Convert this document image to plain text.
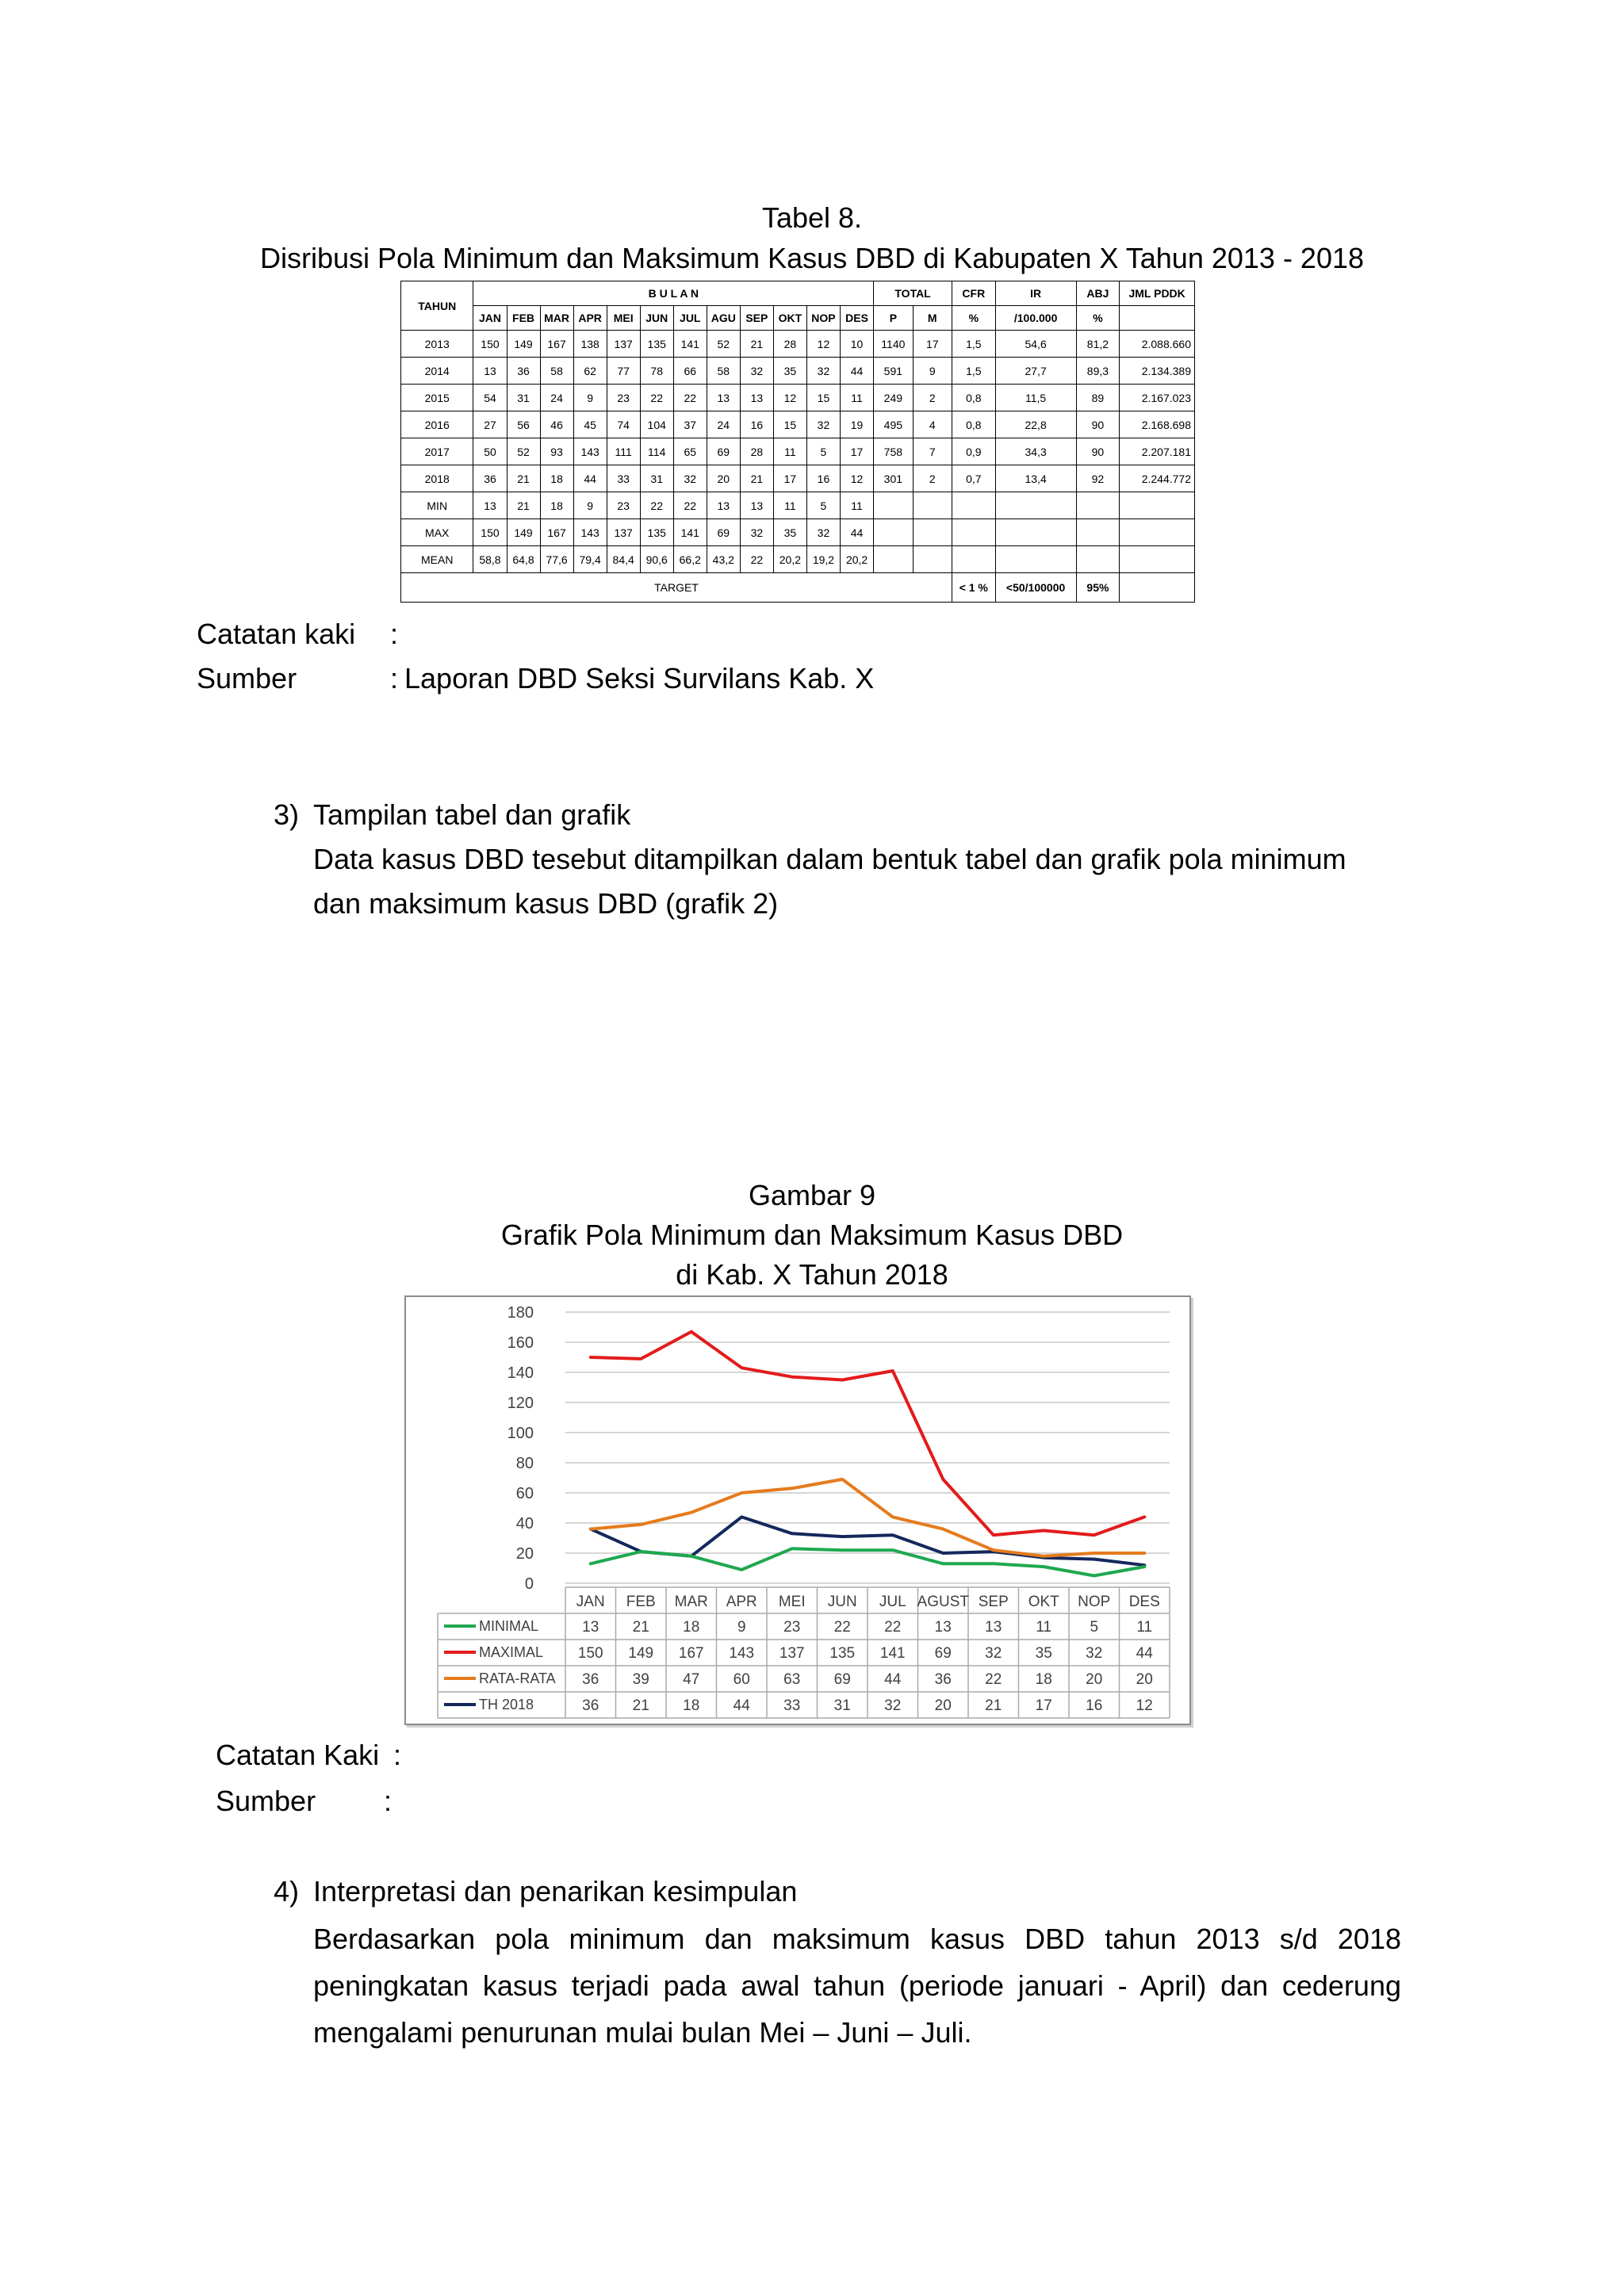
Tabel 8.
Disribusi Pola Minimum dan Maksimum Kasus DBD di Kabupaten X Tahun 2013 - 2018
TAHUN	B U L A N												TOTAL		CFR	IR	ABJ	JML PDDK
	JAN	FEB	MAR	APR	MEI	JUN	JUL	AGU	SEP	OKT	NOP	DES	P	M	%	/100.000	%	
2013	150	149	167	138	137	135	141	52	21	28	12	10	1140	17	1,5	54,6	81,2	2.088.660
2014	13	36	58	62	77	78	66	58	32	35	32	44	591	9	1,5	27,7	89,3	2.134.389
2015	54	31	24	9	23	22	22	13	13	12	15	11	249	2	0,8	11,5	89	2.167.023
2016	27	56	46	45	74	104	37	24	16	15	32	19	495	4	0,8	22,8	90	2.168.698
2017	50	52	93	143	111	114	65	69	28	11	5	17	758	7	0,9	34,3	90	2.207.181
2018	36	21	18	44	33	31	32	20	21	17	16	12	301	2	0,7	13,4	92	2.244.772
MIN	13	21	18	9	23	22	22	13	13	11	5	11						
MAX	150	149	167	143	137	135	141	69	32	35	32	44						
MEAN	58,8	64,8	77,6	79,4	84,4	90,6	66,2	43,2	22	20,2	19,2	20,2						
TARGET															< 1 %	<50/100000	95%	
Catatan kaki :
Sumber	: Laporan DBD Seksi Survilans Kab. X
3) Tampilan tabel dan grafik
Data kasus DBD tesebut ditampilkan dalam bentuk tabel dan grafik pola minimum dan maksimum kasus DBD (grafik 2)
Gambar 9
Grafik Pola Minimum dan Maksimum Kasus DBD
di Kab. X Tahun 2018
0
20
40
60
80
100
120
140
160
180
JAN FEB MAR APR MEI JUN JUL AGUST SEP OKT NOP DES
MINIMAL	13 21 18	9	23 22 22 13 13 11	5	11
MAXIMAL 150 149 167 143 137 135 141 69 32 35 32 44
RATA-RATA 36 39 47 60 63 69 44 36 22 18 20 20
TH 2018	36 21 18 44 33 31 32 20 21 17 16 12
Catatan Kaki :
Sumber :
4) Interpretasi dan penarikan kesimpulan
Berdasarkan pola minimum dan maksimum kasus DBD tahun 2013 s/d 2018 peningkatan kasus terjadi pada awal tahun (periode januari - April) dan cederung mengalami penurunan mulai bulan Mei – Juni – Juli.
